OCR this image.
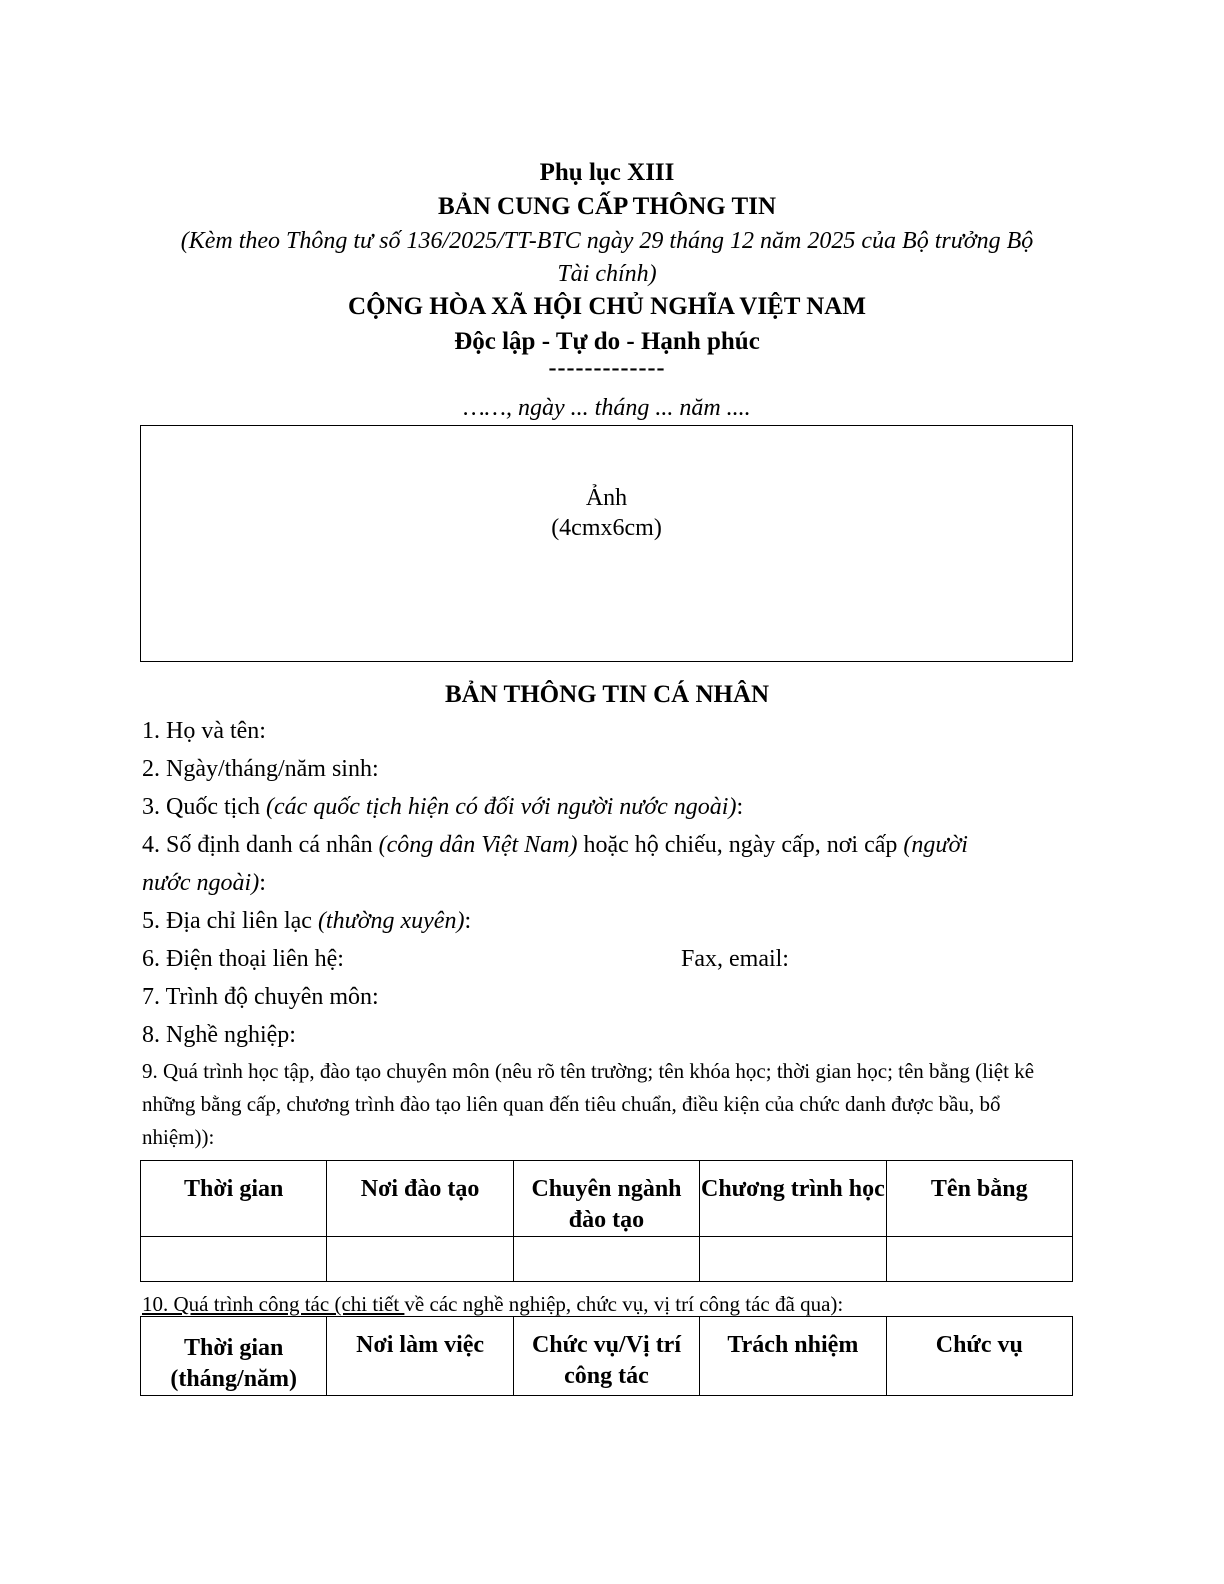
Phụ lục XIII
BẢN CUNG CẤP THÔNG TIN
(Kèm theo Thông tư số 136/2025/TT-BTC ngày 29 tháng 12 năm 2025 của Bộ trưởng Bộ
Tài chính)
CỘNG HÒA XÃ HỘI CHỦ NGHĨA VIỆT NAM
Độc lập - Tự do - Hạnh phúc
-------------
……, ngày ... tháng ... năm ....
Ảnh
(4cmx6cm)
BẢN THÔNG TIN CÁ NHÂN
1. Họ và tên:
2. Ngày/tháng/năm sinh:
3. Quốc tịch (các quốc tịch hiện có đối với người nước ngoài):
4. Số định danh cá nhân (công dân Việt Nam) hoặc hộ chiếu, ngày cấp, nơi cấp (người
nước ngoài):
5. Địa chỉ liên lạc (thường xuyên):
6. Điện thoại liên hệ:	Fax, email:
7. Trình độ chuyên môn:
8. Nghề nghiệp:
9. Quá trình học tập, đào tạo chuyên môn (nêu rõ tên trường; tên khóa học; thời gian học; tên bằng (liệt kê những bằng cấp, chương trình đào tạo liên quan đến tiêu chuẩn, điều kiện của chức danh được bầu, bổ nhiệm)):
Thời gian	Nơi đào tạo	Chuyên ngành đào tạo	Chương trình học	Tên bằng

10. Quá trình công tác (chi tiết về các nghề nghiệp, chức vụ, vị trí công tác đã qua):
Thời gian (tháng/năm)	Nơi làm việc	Chức vụ/Vị trí công tác	Trách nhiệm	Chức vụ
